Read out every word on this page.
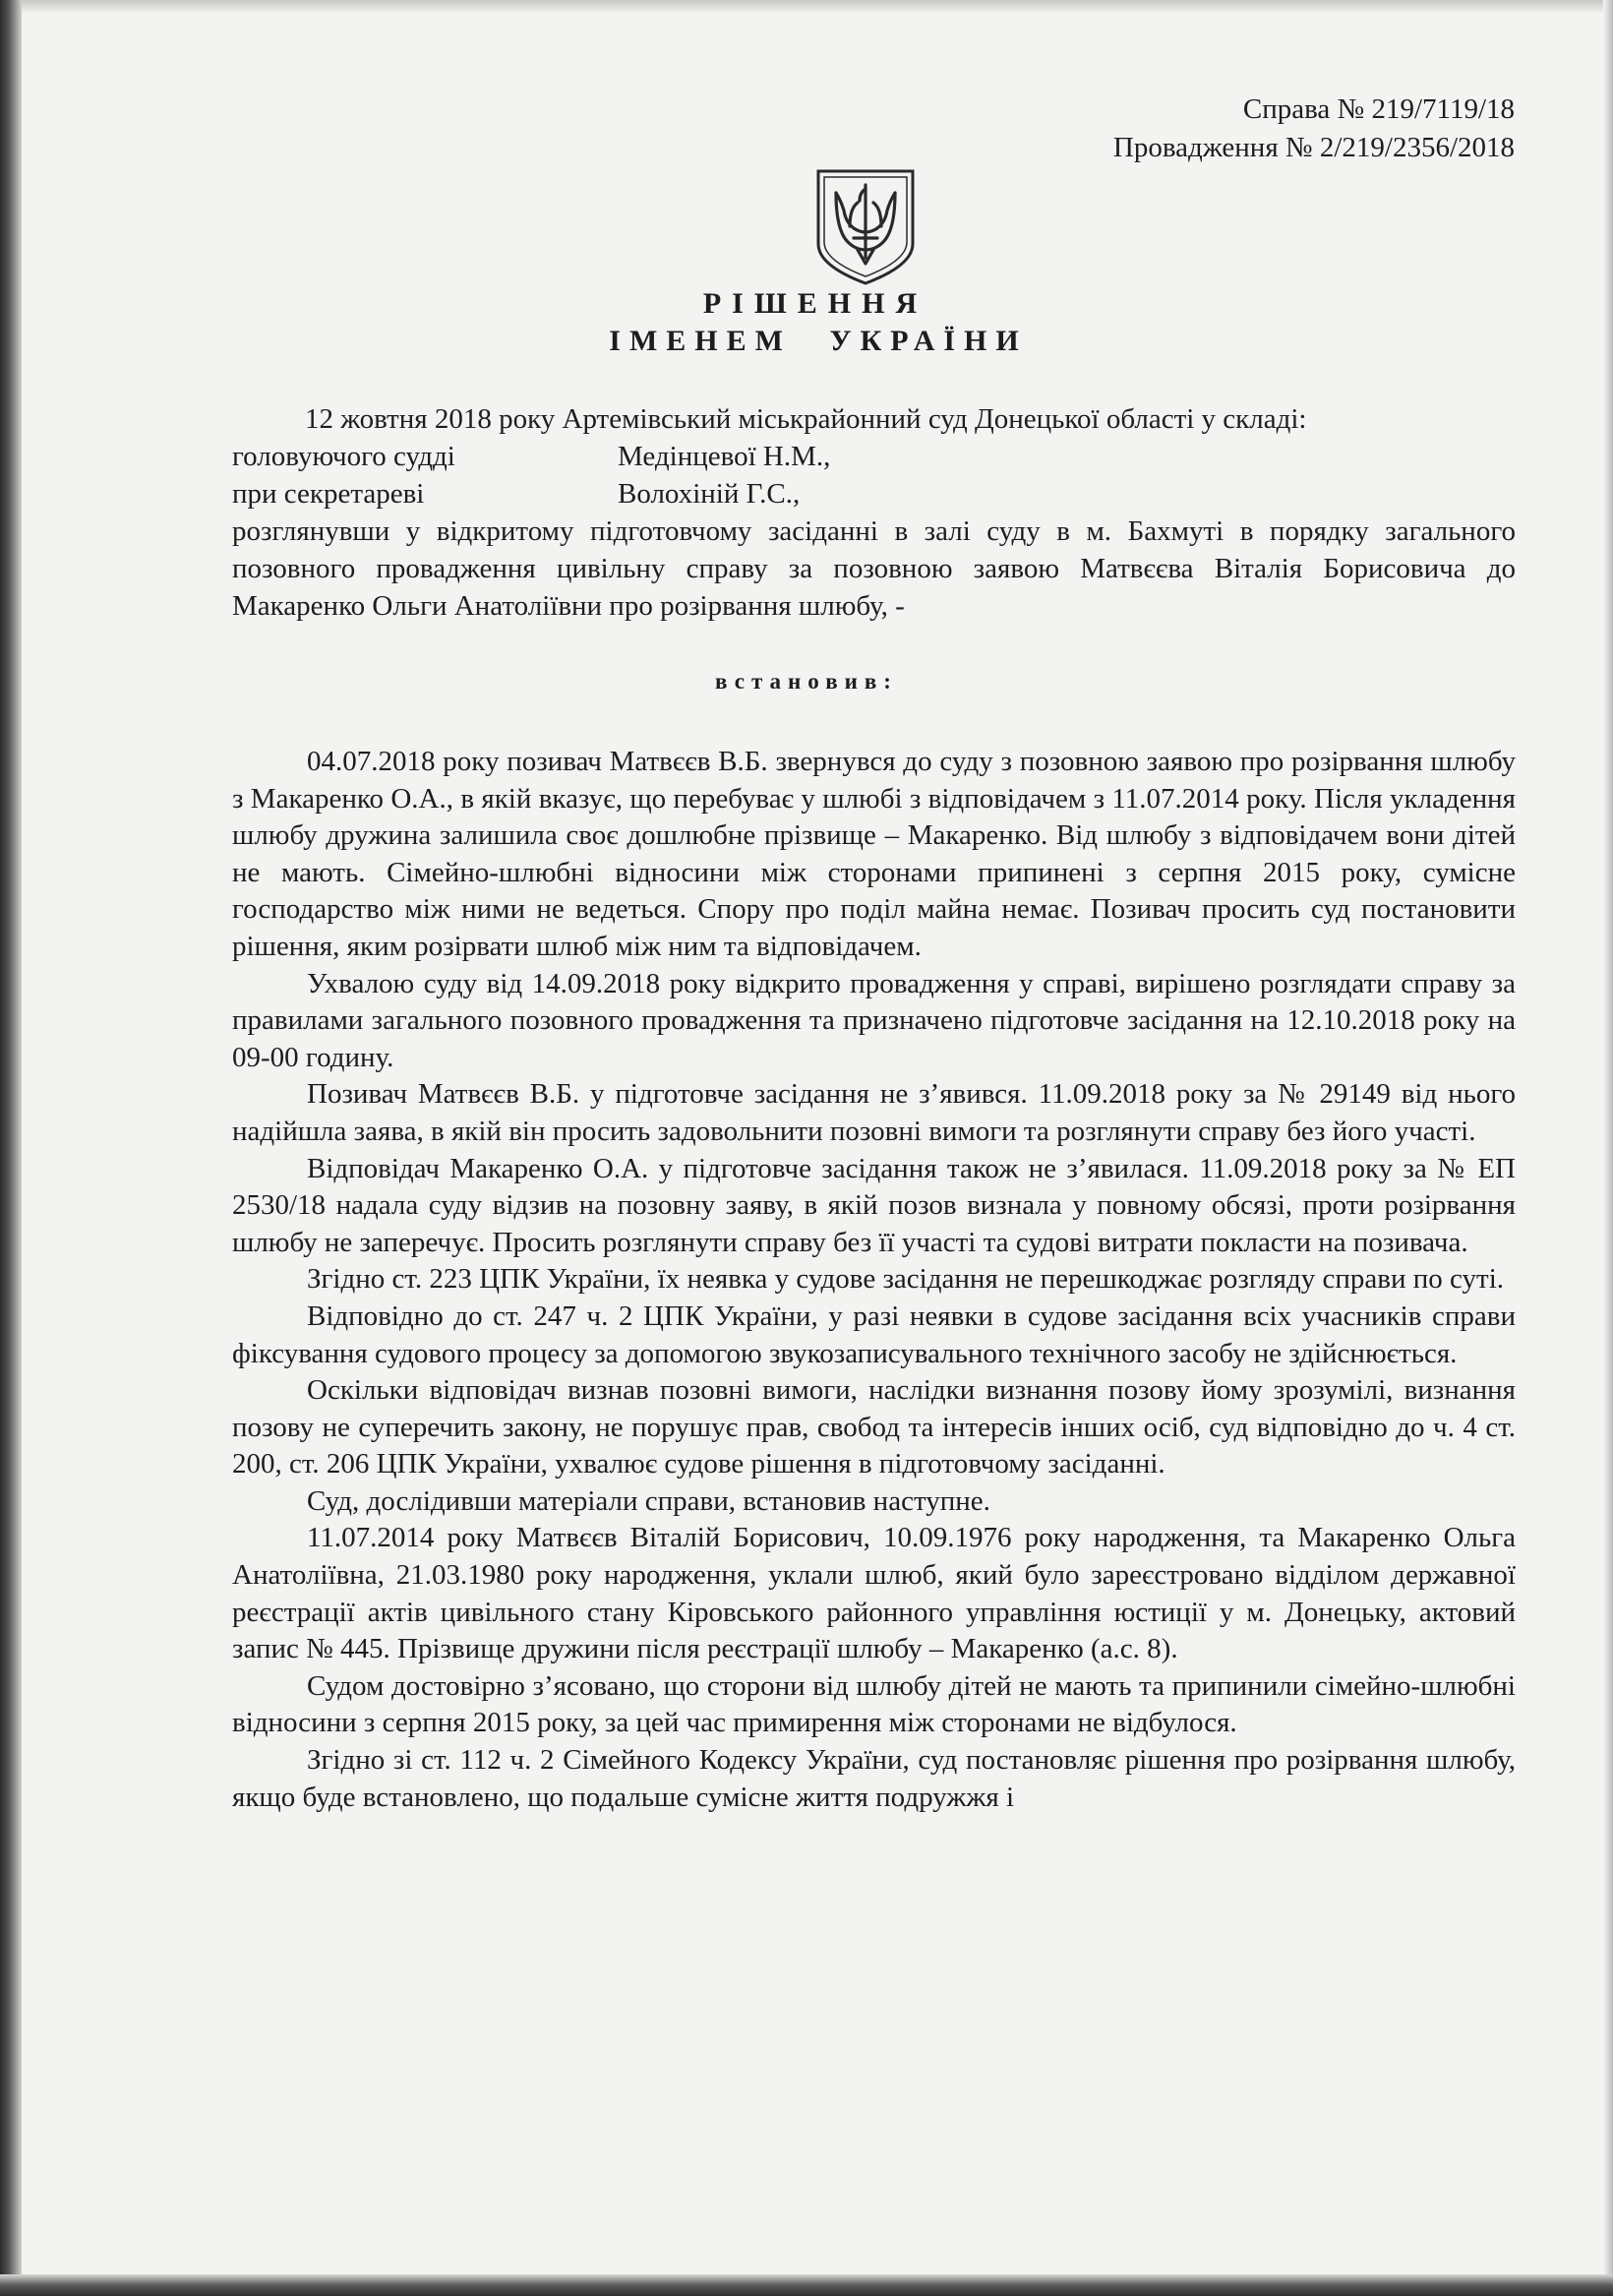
Справа № 219/7119/18
Провадження № 2/219/2356/2018
РІШЕННЯ
ІМЕНЕМ УКРАЇНИ

12 жовтня 2018 року Артемівський міськрайонний суд Донецької області у складі:

головуючого судді	Медінцевої Н.М.,
при секретареві	Волохіній Г.С.,

розглянувши у відкритому підготовчому засіданні в залі суду в м. Бахмуті в порядку загального позовного провадження цивільну справу за позовною заявою Матвєєва Віталія Борисовича до Макаренко Ольги Анатоліївни про розірвання шлюбу, -

встановив:

04.07.2018 року позивач Матвєєв В.Б. звернувся до суду з позовною заявою про розірвання шлюбу з Макаренко О.А., в якій вказує, що перебуває у шлюбі з відповідачем з 11.07.2014 року. Після укладення шлюбу дружина залишила своє дошлюбне прізвище – Макаренко. Від шлюбу з відповідачем вони дітей не мають. Сімейно-шлюбні відносини між сторонами припинені з серпня 2015 року, сумісне господарство між ними не ведеться. Спору про поділ майна немає. Позивач просить суд постановити рішення, яким розірвати шлюб між ним та відповідачем.

Ухвалою суду від 14.09.2018 року відкрито провадження у справі, вирішено розглядати справу за правилами загального позовного провадження та призначено підготовче засідання на 12.10.2018 року на 09-00 годину.

Позивач Матвєєв В.Б. у підготовче засідання не з’явився. 11.09.2018 року за № 29149 від нього надійшла заява, в якій він просить задовольнити позовні вимоги та розглянути справу без його участі.

Відповідач Макаренко О.А. у підготовче засідання також не з’явилася. 11.09.2018 року за № ЕП 2530/18 надала суду відзив на позовну заяву, в якій позов визнала у повному обсязі, проти розірвання шлюбу не заперечує. Просить розглянути справу без її участі та судові витрати покласти на позивача.

Згідно ст. 223 ЦПК України, їх неявка у судове засідання не перешкоджає розгляду справи по суті.

Відповідно до ст. 247 ч. 2 ЦПК України, у разі неявки в судове засідання всіх учасників справи фіксування судового процесу за допомогою звукозаписувального технічного засобу не здійснюється.

Оскільки відповідач визнав позовні вимоги, наслідки визнання позову йому зрозумілі, визнання позову не суперечить закону, не порушує прав, свобод та інтересів інших осіб, суд відповідно до ч. 4 ст. 200, ст. 206 ЦПК України, ухвалює судове рішення в підготовчому засіданні.

Суд, дослідивши матеріали справи, встановив наступне.

11.07.2014 року Матвєєв Віталій Борисович, 10.09.1976 року народження, та Макаренко Ольга Анатоліївна, 21.03.1980 року народження, уклали шлюб, який було зареєстровано відділом державної реєстрації актів цивільного стану Кіровського районного управління юстиції у м. Донецьку, актовий запис № 445. Прізвище дружини після реєстрації шлюбу – Макаренко (а.с. 8).

Судом достовірно з’ясовано, що сторони від шлюбу дітей не мають та припинили сімейно-шлюбні відносини з серпня 2015 року, за цей час примирення між сторонами не відбулося.

Згідно зі ст. 112 ч. 2 Сімейного Кодексу України, суд постановляє рішення про розірвання шлюбу, якщо буде встановлено, що подальше сумісне життя подружжя і
